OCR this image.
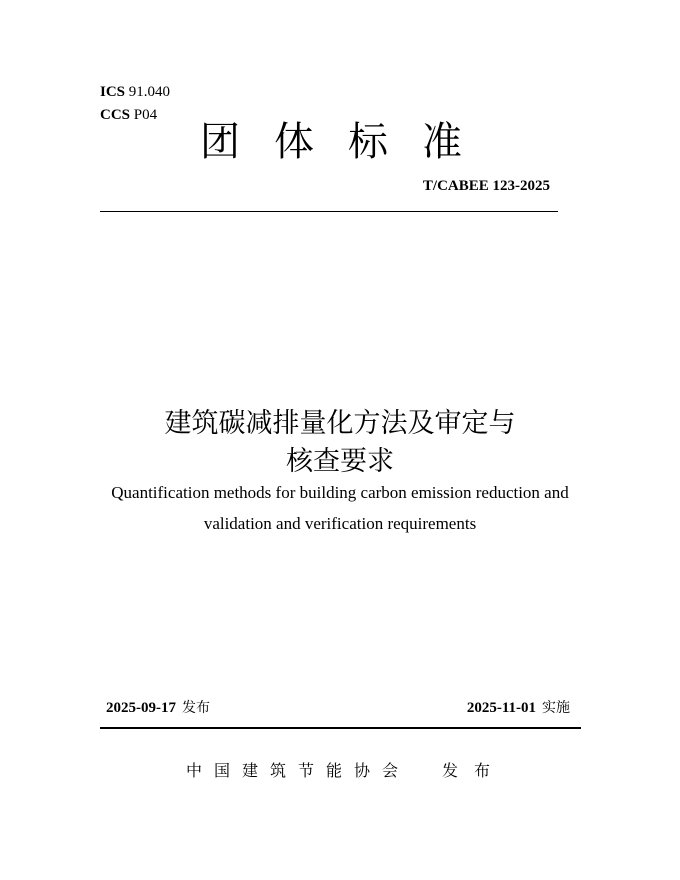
ICS 91.040
CCS P04
团体标准
T/CABEE 123-2025
建筑碳减排量化方法及审定与
核查要求
Quantification methods for building carbon emission reduction and
validation and verification requirements
2025-09-17 发布	2025-11-01 实施
中国建筑节能协会 发布
